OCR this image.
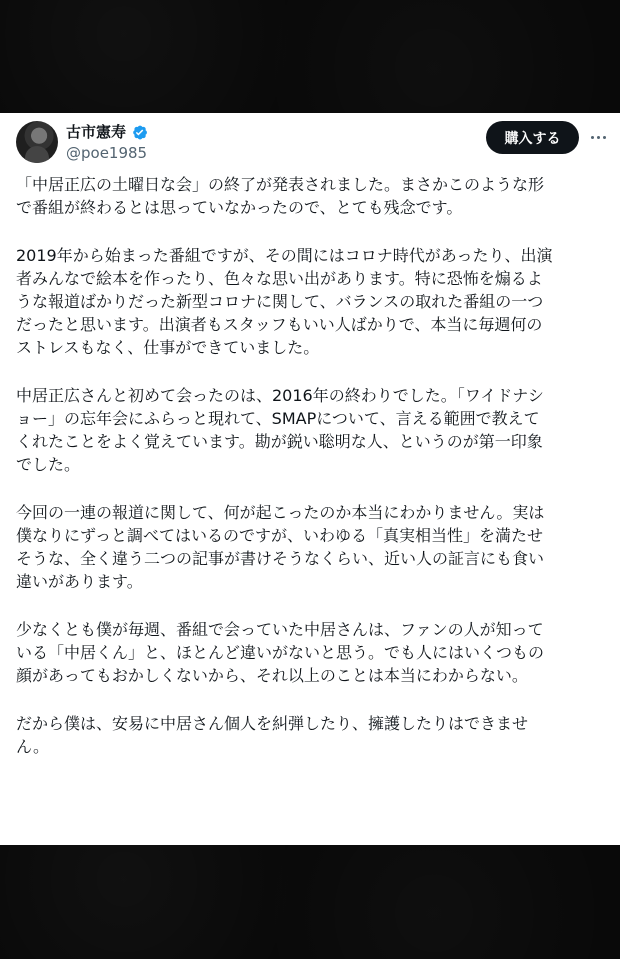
古市憲寿
@poe1985
購入する

「中居正広の土曜日な会」の終了が発表されました。まさかこのような形
で番組が終わるとは思っていなかったので、とても残念です。

2019年から始まった番組ですが、その間にはコロナ時代があったり、出演
者みんなで絵本を作ったり、色々な思い出があります。特に恐怖を煽るよ
うな報道ばかりだった新型コロナに関して、バランスの取れた番組の一つ
だったと思います。出演者もスタッフもいい人ばかりで、本当に毎週何の
ストレスもなく、仕事ができていました。

中居正広さんと初めて会ったのは、2016年の終わりでした。「ワイドナシ
ョー」の忘年会にふらっと現れて、SMAPについて、言える範囲で教えて
くれたことをよく覚えています。勘が鋭い聡明な人、というのが第一印象
でした。

今回の一連の報道に関して、何が起こったのか本当にわかりません。実は
僕なりにずっと調べてはいるのですが、いわゆる「真実相当性」を満たせ
そうな、全く違う二つの記事が書けそうなくらい、近い人の証言にも食い
違いがあります。

少なくとも僕が毎週、番組で会っていた中居さんは、ファンの人が知って
いる「中居くん」と、ほとんど違いがないと思う。でも人にはいくつもの
顔があってもおかしくないから、それ以上のことは本当にわからない。

だから僕は、安易に中居さん個人を糾弾したり、擁護したりはできませ
ん。
